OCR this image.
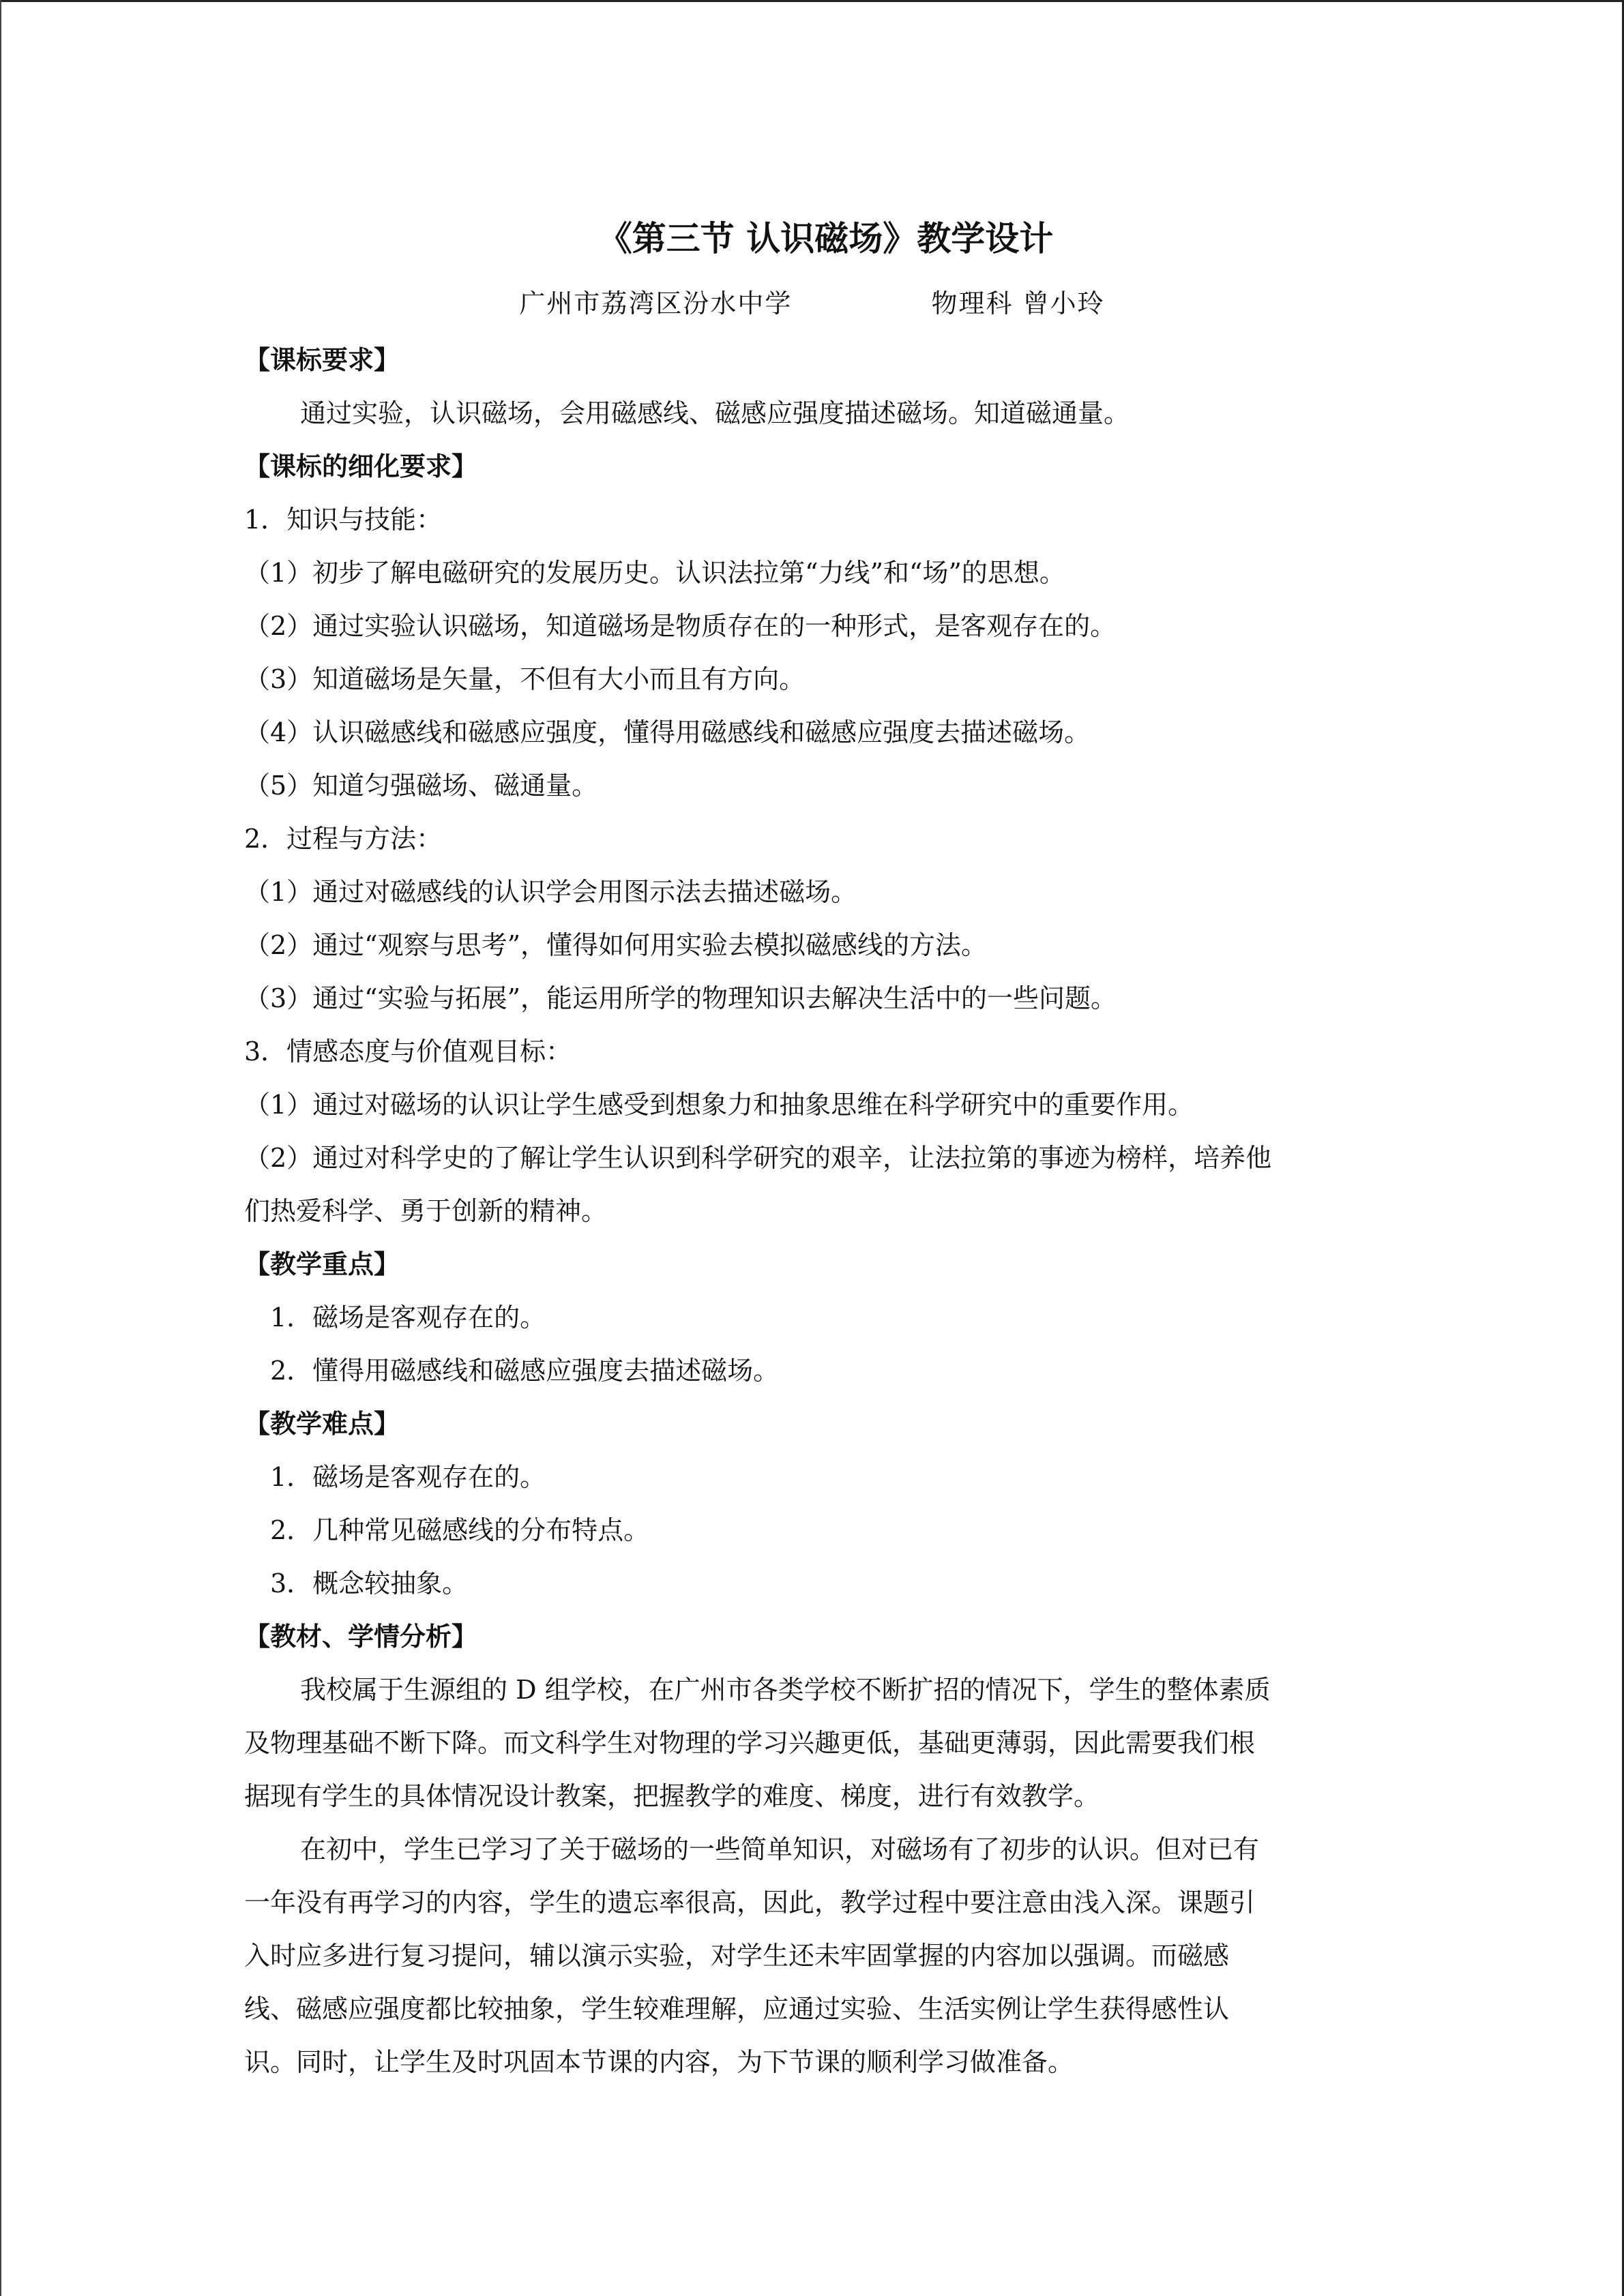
《第三节 认识磁场》教学设计
广州市荔湾区汾水中学	物理科 曾小玲
【课标要求】
通过实验，认识磁场，会用磁感线、磁感应强度描述磁场。知道磁通量。
【课标的细化要求】
1．知识与技能：
（1）初步了解电磁研究的发展历史。认识法拉第“力线”和“场”的思想。
（2）通过实验认识磁场，知道磁场是物质存在的一种形式，是客观存在的。
（3）知道磁场是矢量，不但有大小而且有方向。
（4）认识磁感线和磁感应强度，懂得用磁感线和磁感应强度去描述磁场。
（5）知道匀强磁场、磁通量。
2．过程与方法：
（1）通过对磁感线的认识学会用图示法去描述磁场。
（2）通过“观察与思考”，懂得如何用实验去模拟磁感线的方法。
（3）通过“实验与拓展”，能运用所学的物理知识去解决生活中的一些问题。
3．情感态度与价值观目标：
（1）通过对磁场的认识让学生感受到想象力和抽象思维在科学研究中的重要作用。
（2）通过对科学史的了解让学生认识到科学研究的艰辛，让法拉第的事迹为榜样，培养他
们热爱科学、勇于创新的精神。
【教学重点】
1．磁场是客观存在的。
2．懂得用磁感线和磁感应强度去描述磁场。
【教学难点】
1．磁场是客观存在的。
2．几种常见磁感线的分布特点。
3．概念较抽象。
【教材、学情分析】
我校属于生源组的 D 组学校，在广州市各类学校不断扩招的情况下，学生的整体素质
及物理基础不断下降。而文科学生对物理的学习兴趣更低，基础更薄弱，因此需要我们根
据现有学生的具体情况设计教案，把握教学的难度、梯度，进行有效教学。
在初中，学生已学习了关于磁场的一些简单知识，对磁场有了初步的认识。但对已有
一年没有再学习的内容，学生的遗忘率很高，因此，教学过程中要注意由浅入深。课题引
入时应多进行复习提问，辅以演示实验，对学生还未牢固掌握的内容加以强调。而磁感
线、磁感应强度都比较抽象，学生较难理解，应通过实验、生活实例让学生获得感性认
识。同时，让学生及时巩固本节课的内容，为下节课的顺利学习做准备。
